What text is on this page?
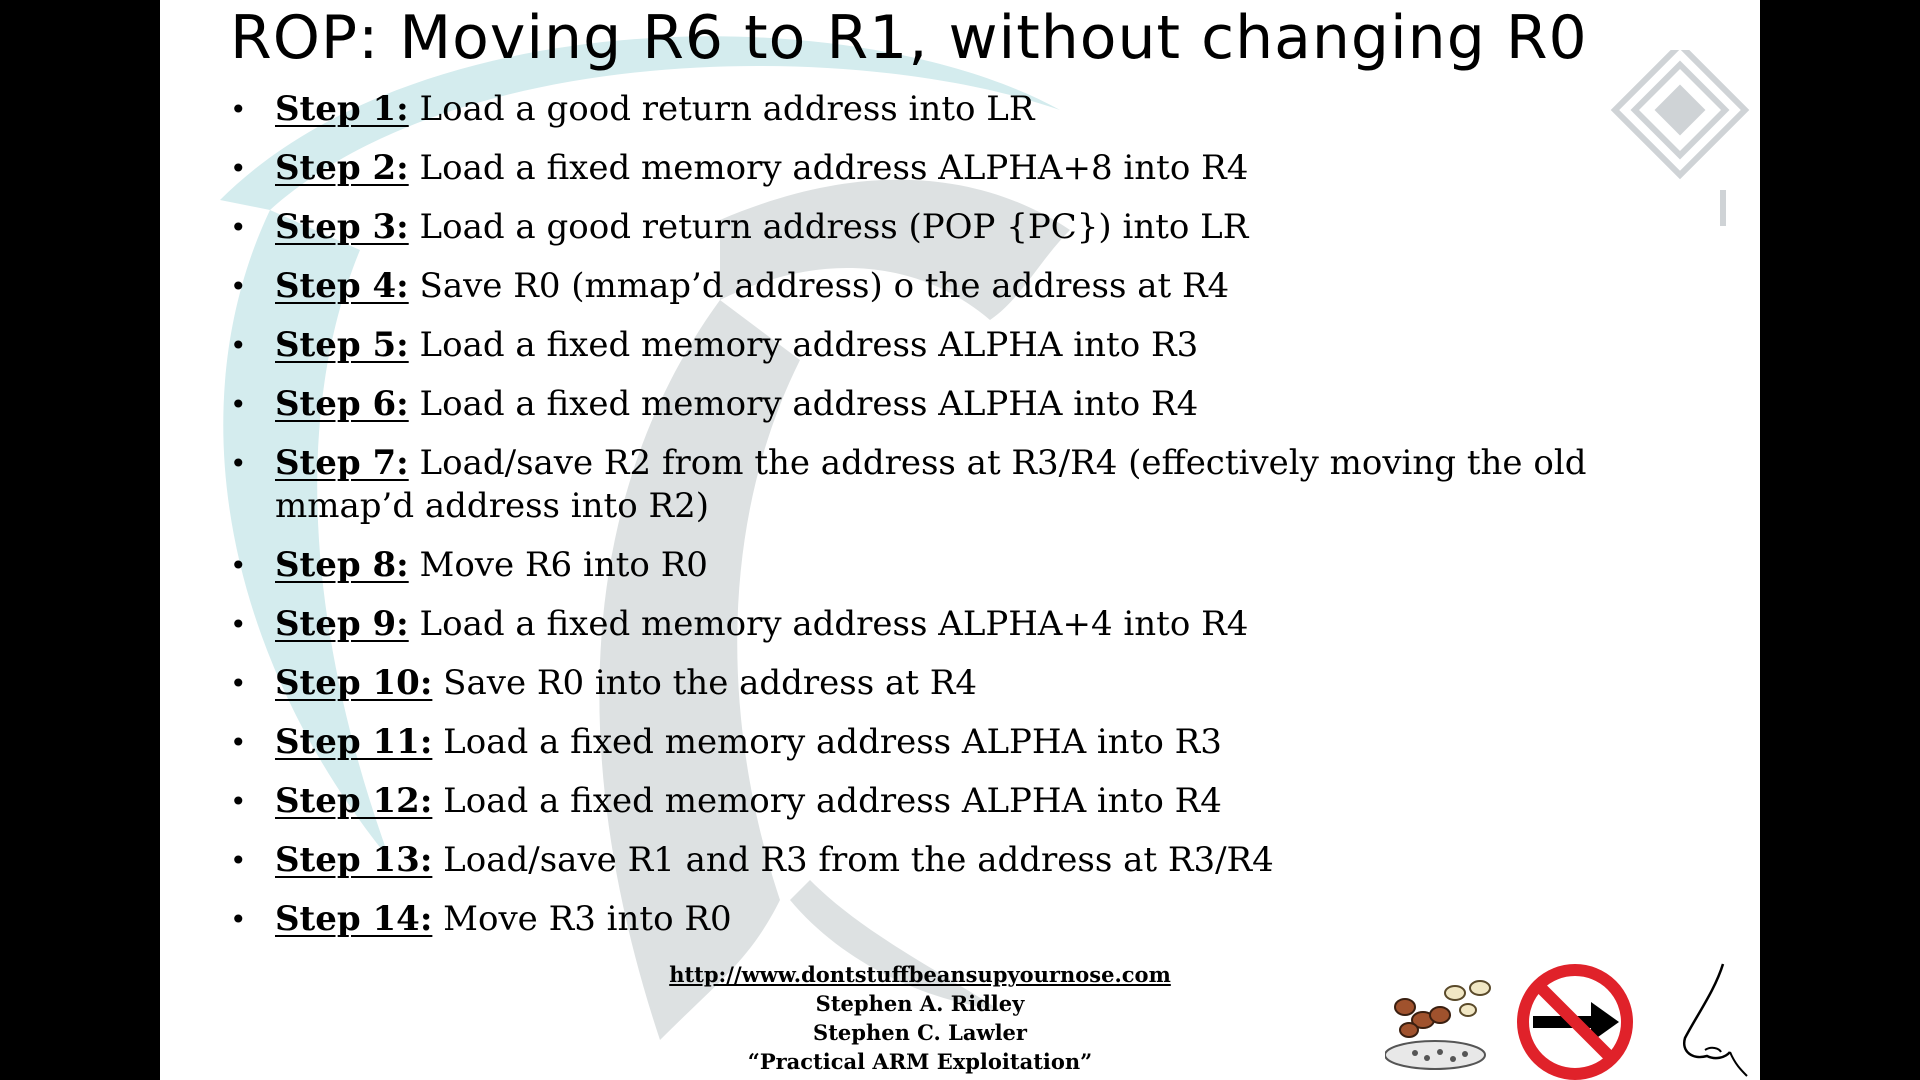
ROP: Moving R6 to R1, without changing R0
• Step 1: Load a good return address into LR
• Step 2: Load a fixed memory address ALPHA+8 into R4
• Step 3: Load a good return address (POP {PC}) into LR
• Step 4: Save R0 (mmap’d address) o the address at R4
• Step 5: Load a fixed memory address ALPHA into R3
• Step 6: Load a fixed memory address ALPHA into R4
• Step 7: Load/save R2 from the address at R3/R4 (effectively moving the old mmap’d address into R2)
• Step 8: Move R6 into R0
• Step 9: Load a fixed memory address ALPHA+4 into R4
• Step 10: Save R0 into the address at R4
• Step 11: Load a fixed memory address ALPHA into R3
• Step 12: Load a fixed memory address ALPHA into R4
• Step 13: Load/save R1 and R3 from the address at R3/R4
• Step 14: Move R3 into R0
http://www.dontstuffbeansupyournose.com
Stephen A. Ridley
Stephen C. Lawler
“Practical ARM Exploitation”
